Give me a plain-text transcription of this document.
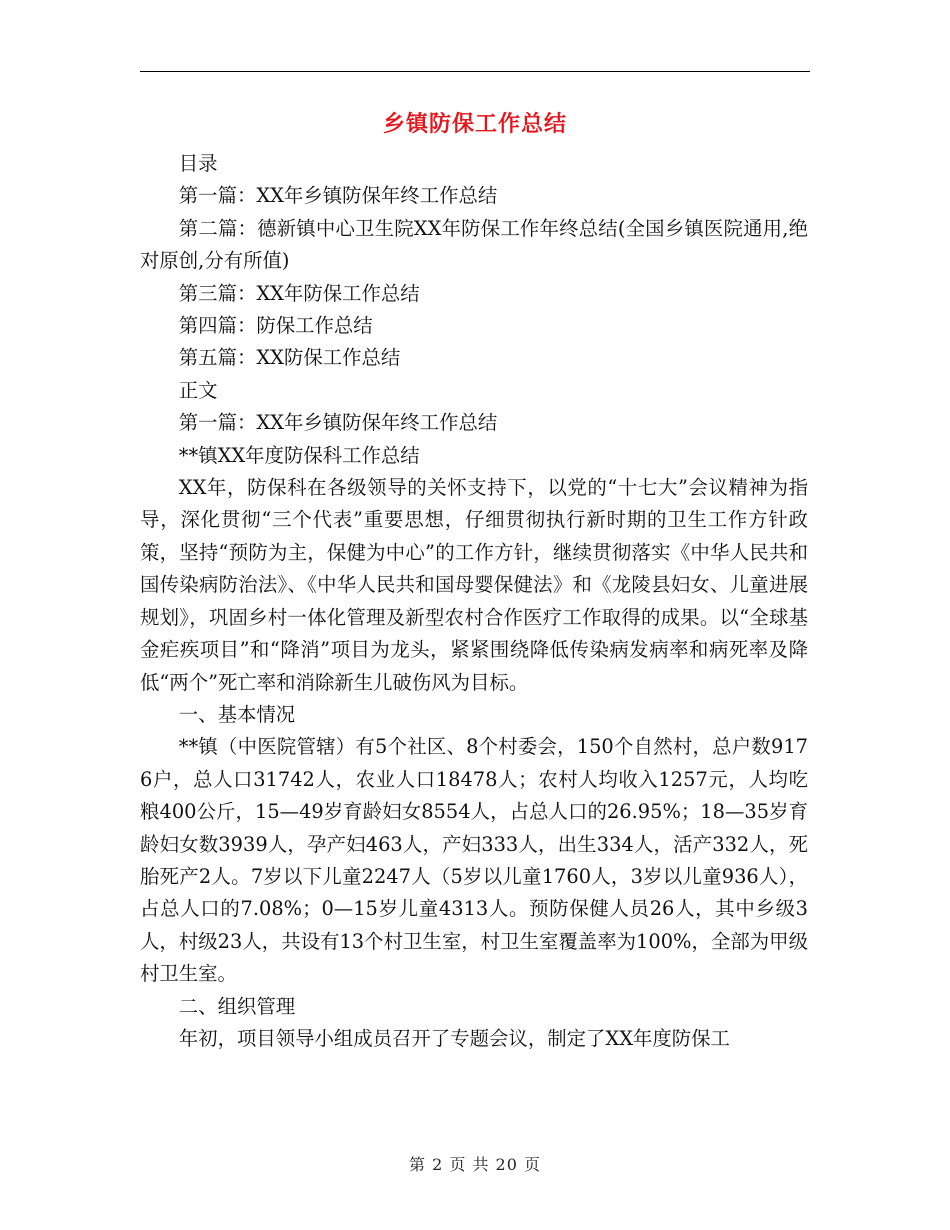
乡镇防保工作总结

目录

第一篇：XX年乡镇防保年终工作总结

第二篇：德新镇中心卫生院XX年防保工作年终总结(全国乡镇医院通用,绝对原创,分有所值)

第三篇：XX年防保工作总结

第四篇：防保工作总结

第五篇：XX防保工作总结

正文

第一篇：XX年乡镇防保年终工作总结

**镇XX年度防保科工作总结

XX年，防保科在各级领导的关怀支持下，以党的“十七大”会议精神为指导，深化贯彻“三个代表”重要思想，仔细贯彻执行新时期的卫生工作方针政策，坚持“预防为主，保健为中心”的工作方针，继续贯彻落实《中华人民共和国传染病防治法》、《中华人民共和国母婴保健法》和《龙陵县妇女、儿童进展规划》，巩固乡村一体化管理及新型农村合作医疗工作取得的成果。以“全球基金疟疾项目”和“降消”项目为龙头，紧紧围绕降低传染病发病率和病死率及降低“两个”死亡率和消除新生儿破伤风为目标。

一、基本情况

**镇（中医院管辖）有5个社区、8个村委会，150个自然村，总户数9176户，总人口31742人，农业人口18478人；农村人均收入1257元，人均吃粮400公斤，15—49岁育龄妇女8554人，占总人口的26.95%；18—35岁育龄妇女数3939人，孕产妇463人，产妇333人，出生334人，活产332人，死胎死产2人。7岁以下儿童2247人（5岁以儿童1760人，3岁以儿童936人），占总人口的7.08%；0—15岁儿童4313人。预防保健人员26人，其中乡级3人，村级23人，共设有13个村卫生室，村卫生室覆盖率为100%，全部为甲级村卫生室。

二、组织管理

年初，项目领导小组成员召开了专题会议，制定了XX年度防保工

第 2 页 共 20 页
